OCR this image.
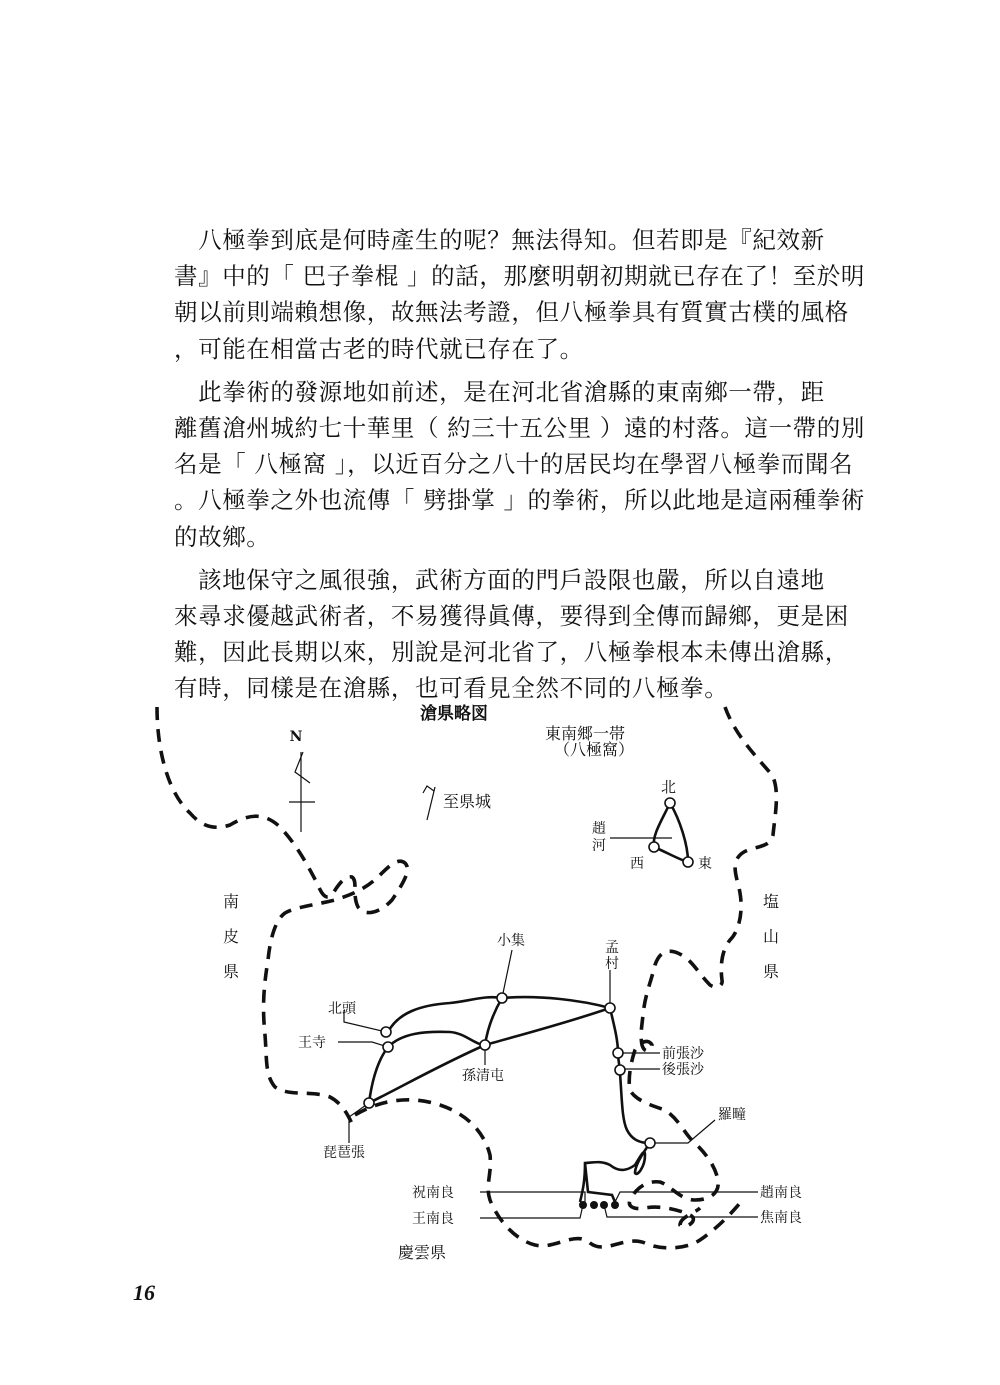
　八極拳到底是何時產生的呢？無法得知。但若即是『紀效新
書』中的「 巴子拳棍 」的話，那麼明朝初期就已存在了！至於明
朝以前則端賴想像，故無法考證，但八極拳具有質實古樸的風格
，可能在相當古老的時代就已存在了。

　此拳術的發源地如前述，是在河北省滄縣的東南鄉一帶，距
離舊滄州城約七十華里（ 約三十五公里 ）遠的村落。這一帶的別
名是「 八極窩 」，以近百分之八十的居民均在學習八極拳而聞名
。八極拳之外也流傳「 劈掛掌 」的拳術，所以此地是這兩種拳術
的故鄉。

　該地保守之風很強，武術方面的門戶設限也嚴，所以自遠地
來尋求優越武術者，不易獲得眞傳，要得到全傳而歸鄉，更是困
難，因此長期以來，別說是河北省了，八極拳根本未傳出滄縣，
有時，同樣是在滄縣，也可看見全然不同的八極拳。

N
滄県略図
東南郷一帯
（八極窩）
至県城
北
趙
河
西	東
南
皮
県
塩
山
県
慶雲県
小集	孟
村
北頭
王寺
孫清屯
琵琶張
前張沙
後張沙
羅疃
祝南良
王南良
趙南良
焦南良
16
